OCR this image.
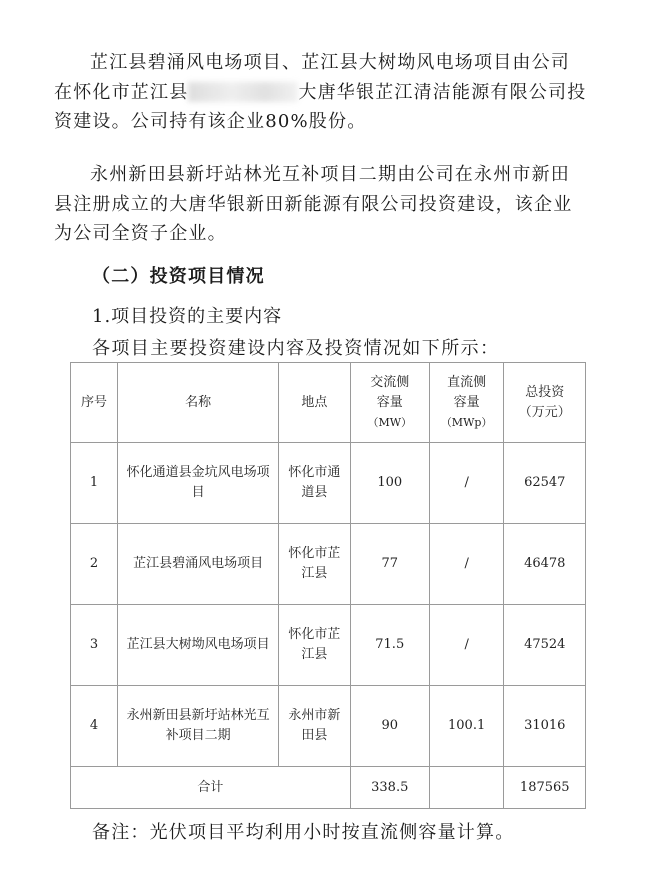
芷江县碧涌风电场项目、芷江县大树坳风电场项目由公司
在怀化市芷江县	大唐华银芷江清洁能源有限公司投
资建设。公司持有该企业80%股份。

永州新田县新圩站林光互补项目二期由公司在永州市新田
县注册成立的大唐华银新田新能源有限公司投资建设，该企业
为公司全资子企业。

（二）投资项目情况

1.项目投资的主要内容

各项目主要投资建设内容及投资情况如下所示：

序号	名称	地点	交流侧
容量
（MW）	直流侧
容量
（MWp）	总投资
（万元）
1	怀化通道县金坑风电场项目	怀化市通道县	100	/	62547
2	芷江县碧涌风电场项目	怀化市芷江县	77	/	46478
3	芷江县大树坳风电场项目	怀化市芷江县	71.5	/	47524
4	永州新田县新圩站林光互补项目二期	永州市新田县	90	100.1	31016
合计			338.5		187565

备注：光伏项目平均利用小时按直流侧容量计算。
